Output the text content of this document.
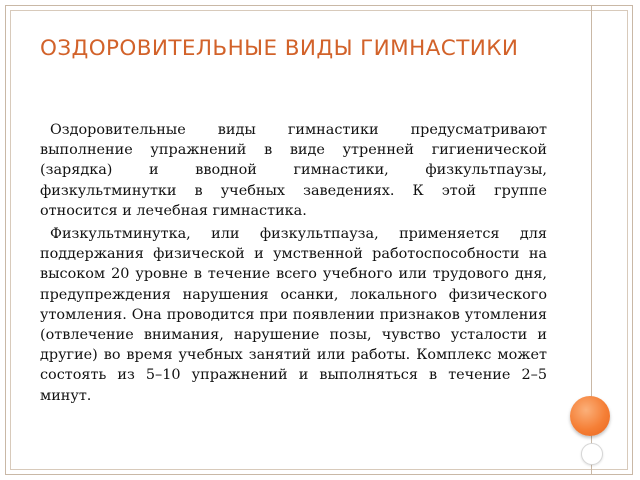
ОЗДОРОВИТЕЛЬНЫЕ ВИДЫ ГИМНАСТИКИ

Оздоровительные виды гимнастики предусматривают выполнение упражнений в виде утренней гигиенической (зарядка) и вводной гимнастики, физкультпаузы, физкультминутки в учебных заведениях. К этой группе относится и лечебная гимнастика.

Физкультминутка, или физкультпауза, применяется для поддержания физической и умственной работоспособности на высоком 20 уровне в течение всего учебного или трудового дня, предупреждения нарушения осанки, локального физического утомления. Она проводится при появлении признаков утомления (отвлечение внимания, нарушение позы, чувство усталости и другие) во время учебных занятий или работы. Комплекс может состоять из 5–10 упражнений и выполняться в течение 2–5 минут.
